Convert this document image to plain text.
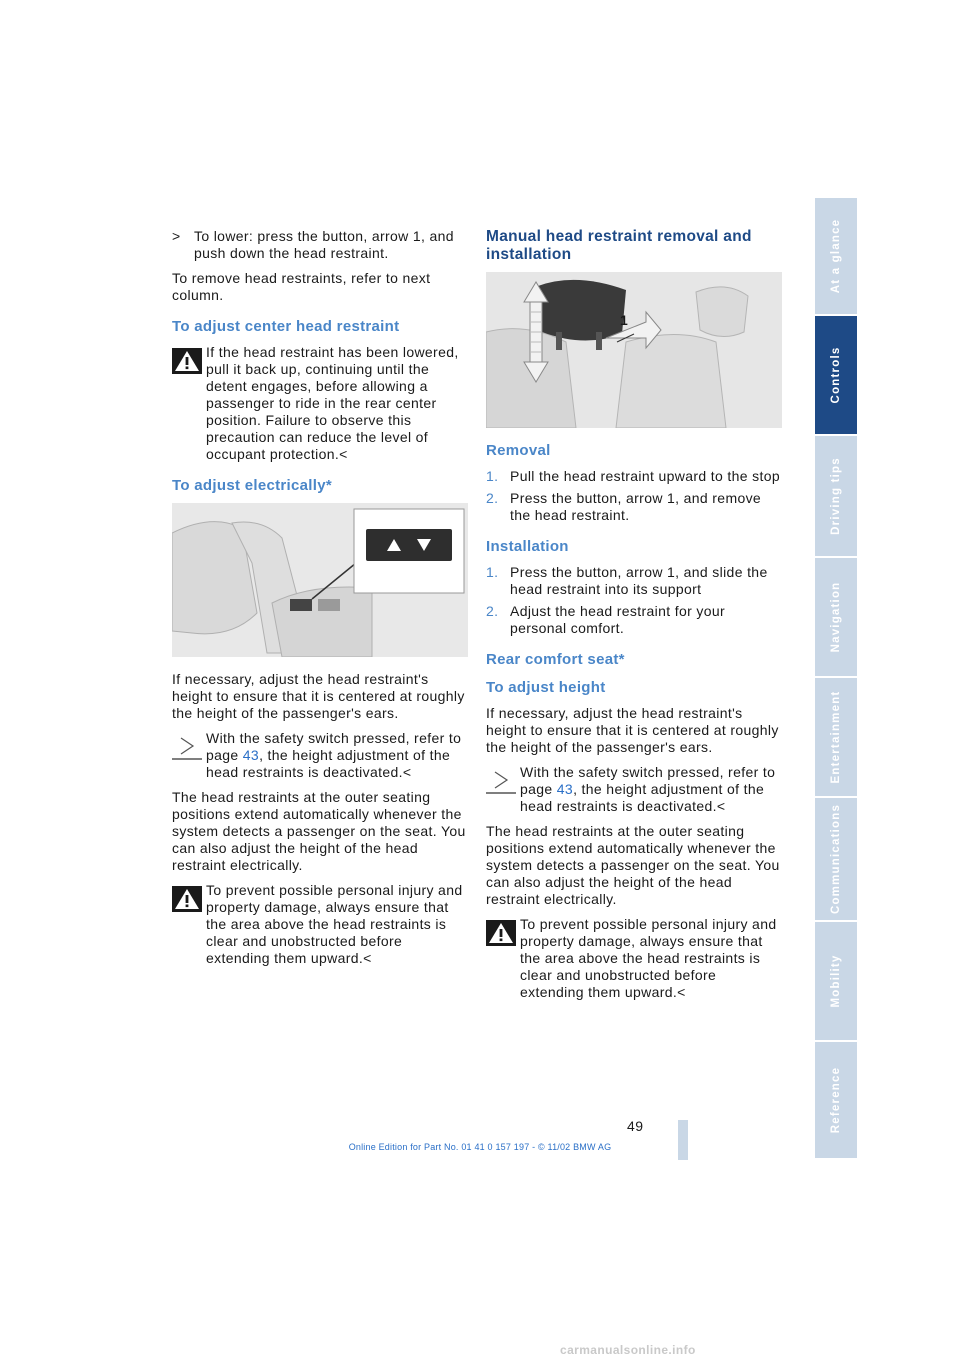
> To lower: press the button, arrow 1, and push down the head restraint.

To remove head restraints, refer to next column.

To adjust center head restraint
If the head restraint has been lowered, pull it back up, continuing until the detent engages, before allowing a passenger to ride in the rear center position. Failure to observe this precaution can reduce the level of occupant protection.<
To adjust electrically*

If necessary, adjust the head restraint's height to ensure that it is centered at roughly the height of the passenger's ears.

With the safety switch pressed, refer to page 43, the height adjustment of the head restraints is deactivated.<

The head restraints at the outer seating positions extend automatically whenever the system detects a passenger on the seat. You can also adjust the height of the head restraint electrically.

To prevent possible personal injury and property damage, always ensure that the area above the head restraints is clear and unobstructed before extending them upward.<
Manual head restraint removal and installation
1
Removal
1. Pull the head restraint upward to the stop
2. Press the button, arrow 1, and remove the head restraint.
Installation
1. Press the button, arrow 1, and slide the head restraint into its support
2. Adjust the head restraint for your personal comfort.
Rear comfort seat*
To adjust height

If necessary, adjust the head restraint's height to ensure that it is centered at roughly the height of the passenger's ears.

With the safety switch pressed, refer to page 43, the height adjustment of the head restraints is deactivated.<

The head restraints at the outer seating positions extend automatically whenever the system detects a passenger on the seat. You can also adjust the height of the head restraint electrically.

To prevent possible personal injury and property damage, always ensure that the area above the head restraints is clear and unobstructed before extending them upward.<
At a glance
Controls
Driving tips
Navigation
Entertainment
Communications
Mobility
Reference
49
Online Edition for Part No. 01 41 0 157 197 - © 11/02 BMW AG
carmanualsonline.info
